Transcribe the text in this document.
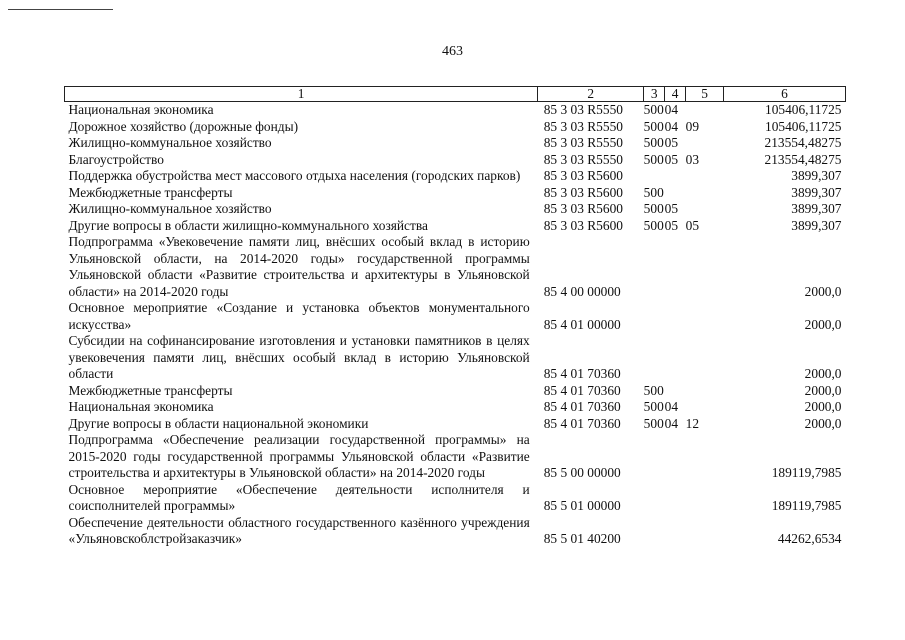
463
1	2	3	4	5	6
Национальная экономика	85 3 03 R5550	500	04		105406,11725
Дорожное хозяйство (дорожные фонды)	85 3 03 R5550	500	04	09	105406,11725
Жилищно-коммунальное хозяйство	85 3 03 R5550	500	05		213554,48275
Благоустройство	85 3 03 R5550	500	05	03	213554,48275
Поддержка обустройства мест массового отдыха населения (городских парков)	85 3 03 R5600				3899,307
Межбюджетные трансферты	85 3 03 R5600	500			3899,307
Жилищно-коммунальное хозяйство	85 3 03 R5600	500	05		3899,307
Другие вопросы в области жилищно-коммунального хозяйства	85 3 03 R5600	500	05	05	3899,307
Подпрограмма «Увековечение памяти лиц, внёсших особый вклад в историю Ульяновской области, на 2014-2020 годы» государственной программы Ульяновской области «Развитие строительства и архитектуры в Ульяновской области» на 2014-2020 годы	85 4 00 00000				2000,0
Основное мероприятие «Создание и установка объектов монументального искусства»	85 4 01 00000				2000,0
Субсидии на софинансирование изготовления и установки памятников в целях увековечения памяти лиц, внёсших особый вклад в историю Ульяновской области	85 4 01 70360				2000,0
Межбюджетные трансферты	85 4 01 70360	500			2000,0
Национальная экономика	85 4 01 70360	500	04		2000,0
Другие вопросы в области национальной экономики	85 4 01 70360	500	04	12	2000,0
Подпрограмма «Обеспечение реализации государственной программы» на 2015-2020 годы государственной программы Ульяновской области «Развитие строительства и архитектуры в Ульяновской области» на 2014-2020 годы	85 5 00 00000				189119,7985
Основное мероприятие «Обеспечение деятельности исполнителя и соисполнителей программы»	85 5 01 00000				189119,7985
Обеспечение деятельности областного государственного казённого учреждения «Ульяновскоблстройзаказчик»	85 5 01 40200				44262,6534
